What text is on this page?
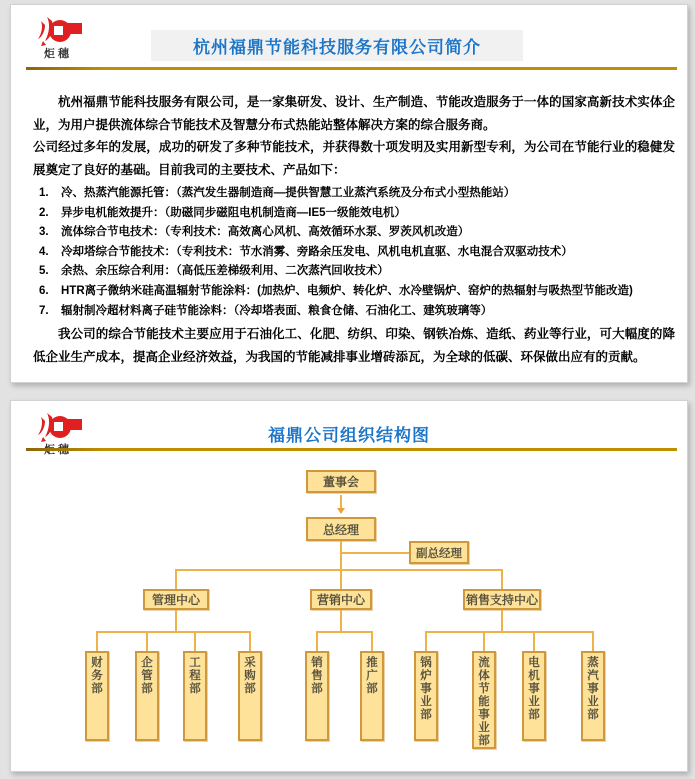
炬穗	杭州福鼎节能科技服务有限公司简介

杭州福鼎节能科技服务有限公司，是一家集研发、设计、生产制造、节能改造服务于一体的国家高新技术实体企业，为用户提供流体综合节能技术及智慧分布式热能站整体解决方案的综合服务商。

公司经过多年的发展，成功的研发了多种节能技术，并获得数十项发明及实用新型专利，为公司在节能行业的稳健发展奠定了良好的基础。目前我司的主要技术、产品如下：

1.	冷、热蒸汽能源托管：（蒸汽发生器制造商—提供智慧工业蒸汽系统及分布式小型热能站）
2.	异步电机能效提升：（助磁同步磁阻电机制造商—IE5一级能效电机）
3.	流体综合节电技术：（专利技术：高效离心风机、高效循环水泵、罗茨风机改造）
4.	冷却塔综合节能技术：（专利技术：节水消雾、旁路余压发电、风机电机直驱、水电混合双驱动技术）
5.	余热、余压综合利用：（高低压差梯级利用、二次蒸汽回收技术）
6.	HTR离子微纳米硅高温辐射节能涂料：(加热炉、电频炉、转化炉、水冷壁锅炉、窑炉的热辐射与吸热型节能改造)
7.	辐射制冷超材料离子硅节能涂料：（冷却塔表面、粮食仓储、石油化工、建筑玻璃等）

我公司的综合节能技术主要应用于石油化工、化肥、纺织、印染、钢铁冶炼、造纸、药业等行业，可大幅度的降低企业生产成本，提高企业经济效益，为我国的节能减排事业增砖添瓦，为全球的低碳、环保做出应有的贡献。

福鼎公司组织结构图
董事会
总经理
副总经理
管理中心	营销中心	销售支持中心
财务部
企管部
工程部
采购部
销售部
推广部
锅炉事业部
流体节能事业部
电机事业部
蒸汽事业部
